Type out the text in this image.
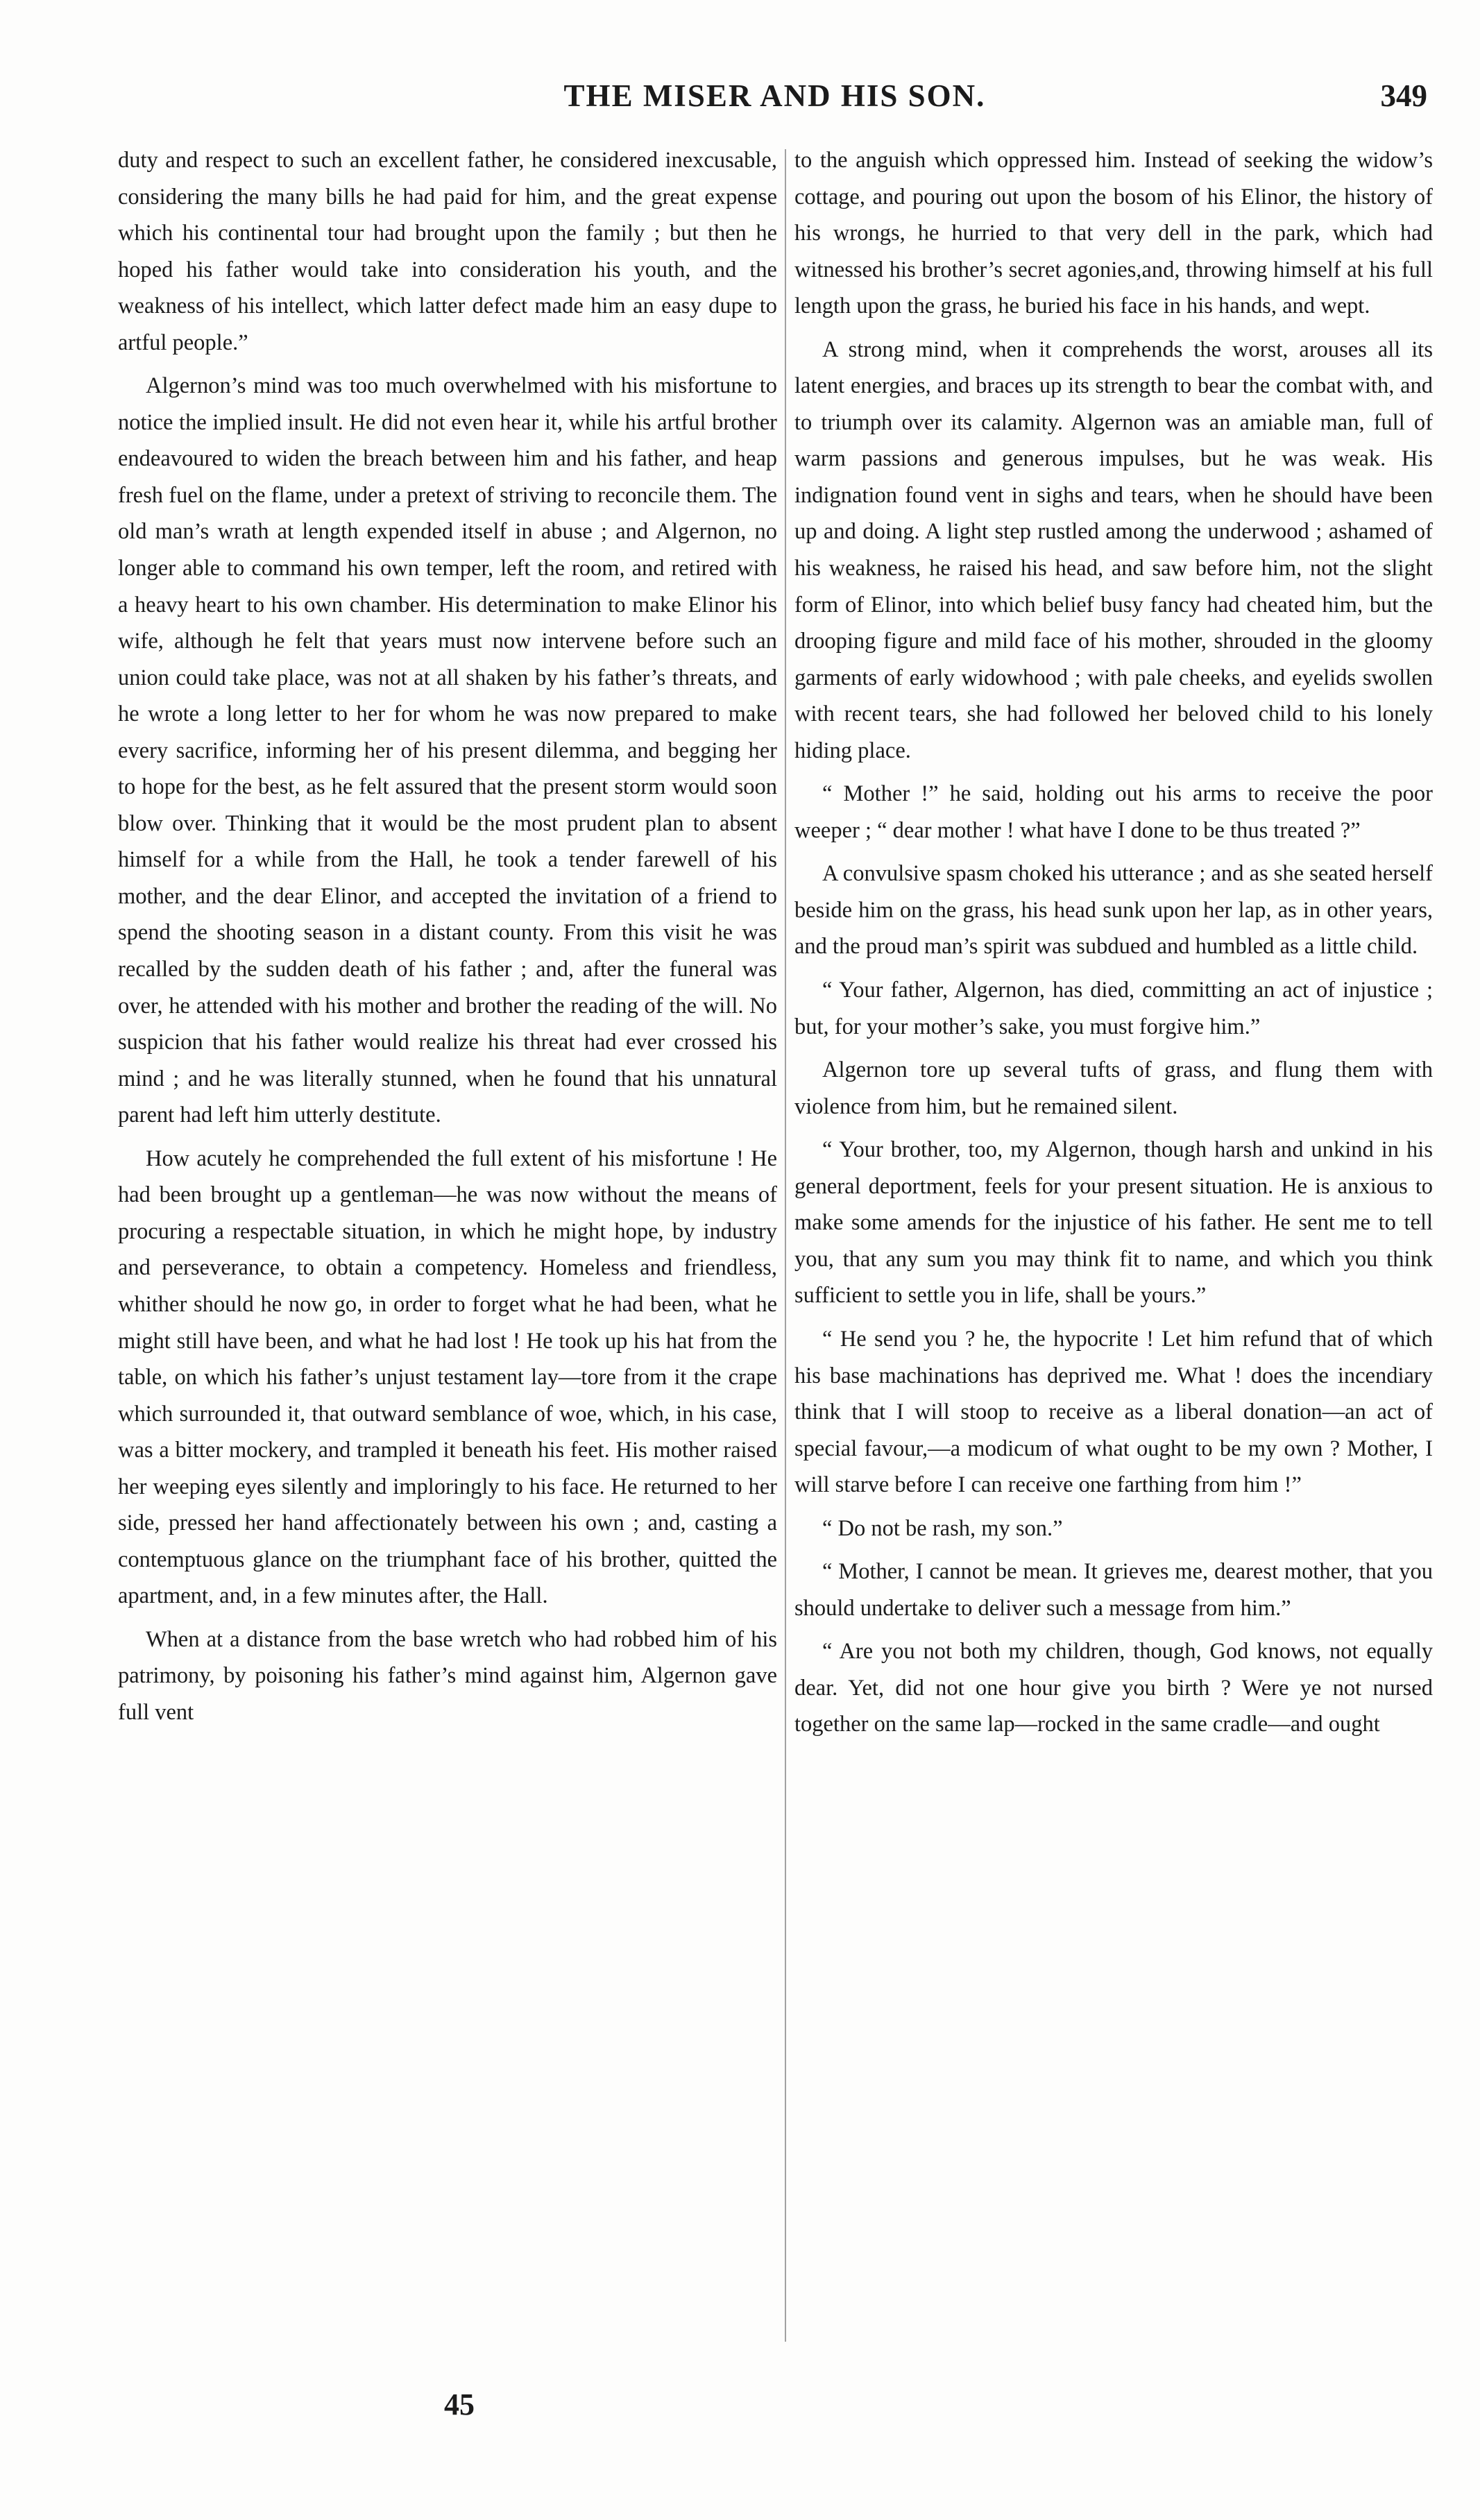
THE MISER AND HIS SON.	349

duty and respect to such an excellent father, he considered inexcusable, considering the many bills he had paid for him, and the great expense which his continental tour had brought upon the family ; but then he hoped his father would take into consideration his youth, and the weakness of his intellect, which latter defect made him an easy dupe to artful people.”

Algernon’s mind was too much overwhelmed with his misfortune to notice the implied insult. He did not even hear it, while his artful brother endeavoured to widen the breach between him and his father, and heap fresh fuel on the flame, under a pretext of striving to reconcile them. The old man’s wrath at length expended itself in abuse ; and Algernon, no longer able to command his own temper, left the room, and retired with a heavy heart to his own chamber. His determination to make Elinor his wife, although he felt that years must now intervene before such an union could take place, was not at all shaken by his father’s threats, and he wrote a long letter to her for whom he was now prepared to make every sacrifice, informing her of his present dilemma, and begging her to hope for the best, as he felt assured that the present storm would soon blow over. Thinking that it would be the most prudent plan to absent himself for a while from the Hall, he took a tender farewell of his mother, and the dear Elinor, and accepted the invitation of a friend to spend the shooting season in a distant county. From this visit he was recalled by the sudden death of his father ; and, after the funeral was over, he attended with his mother and brother the reading of the will. No suspicion that his father would realize his threat had ever crossed his mind ; and he was literally stunned, when he found that his unnatural parent had left him utterly destitute.

How acutely he comprehended the full extent of his misfortune ! He had been brought up a gentleman—he was now without the means of procuring a respectable situation, in which he might hope, by industry and perseverance, to obtain a competency. Homeless and friendless, whither should he now go, in order to forget what he had been, what he might still have been, and what he had lost ! He took up his hat from the table, on which his father’s unjust testament lay—tore from it the crape which surrounded it, that outward semblance of woe, which, in his case, was a bitter mockery, and trampled it beneath his feet. His mother raised her weeping eyes silently and imploringly to his face. He returned to her side, pressed her hand affectionately between his own ; and, casting a contemptuous glance on the triumphant face of his brother, quitted the apartment, and, in a few minutes after, the Hall.

When at a distance from the base wretch who had robbed him of his patrimony, by poisoning his father’s mind against him, Algernon gave full vent

to the anguish which oppressed him. Instead of seeking the widow’s cottage, and pouring out upon the bosom of his Elinor, the history of his wrongs, he hurried to that very dell in the park, which had witnessed his brother’s secret agonies,and, throwing himself at his full length upon the grass, he buried his face in his hands, and wept.

A strong mind, when it comprehends the worst, arouses all its latent energies, and braces up its strength to bear the combat with, and to triumph over its calamity. Algernon was an amiable man, full of warm passions and generous impulses, but he was weak. His indignation found vent in sighs and tears, when he should have been up and doing. A light step rustled among the underwood ; ashamed of his weakness, he raised his head, and saw before him, not the slight form of Elinor, into which belief busy fancy had cheated him, but the drooping figure and mild face of his mother, shrouded in the gloomy garments of early widowhood ; with pale cheeks, and eyelids swollen with recent tears, she had followed her beloved child to his lonely hiding place.

“ Mother !” he said, holding out his arms to receive the poor weeper ; “ dear mother ! what have I done to be thus treated ?”

A convulsive spasm choked his utterance ; and as she seated herself beside him on the grass, his head sunk upon her lap, as in other years, and the proud man’s spirit was subdued and humbled as a little child.

“ Your father, Algernon, has died, committing an act of injustice ; but, for your mother’s sake, you must forgive him.”

Algernon tore up several tufts of grass, and flung them with violence from him, but he remained silent.

“ Your brother, too, my Algernon, though harsh and unkind in his general deportment, feels for your present situation. He is anxious to make some amends for the injustice of his father. He sent me to tell you, that any sum you may think fit to name, and which you think sufficient to settle you in life, shall be yours.”

“ He send you ? he, the hypocrite ! Let him refund that of which his base machinations has deprived me. What ! does the incendiary think that I will stoop to receive as a liberal donation—an act of special favour,—a modicum of what ought to be my own ? Mother, I will starve before I can receive one farthing from him !”

“ Do not be rash, my son.”

“ Mother, I cannot be mean. It grieves me, dearest mother, that you should undertake to deliver such a message from him.”

“ Are you not both my children, though, God knows, not equally dear. Yet, did not one hour give you birth ? Were ye not nursed together on the same lap—rocked in the same cradle—and ought

45
